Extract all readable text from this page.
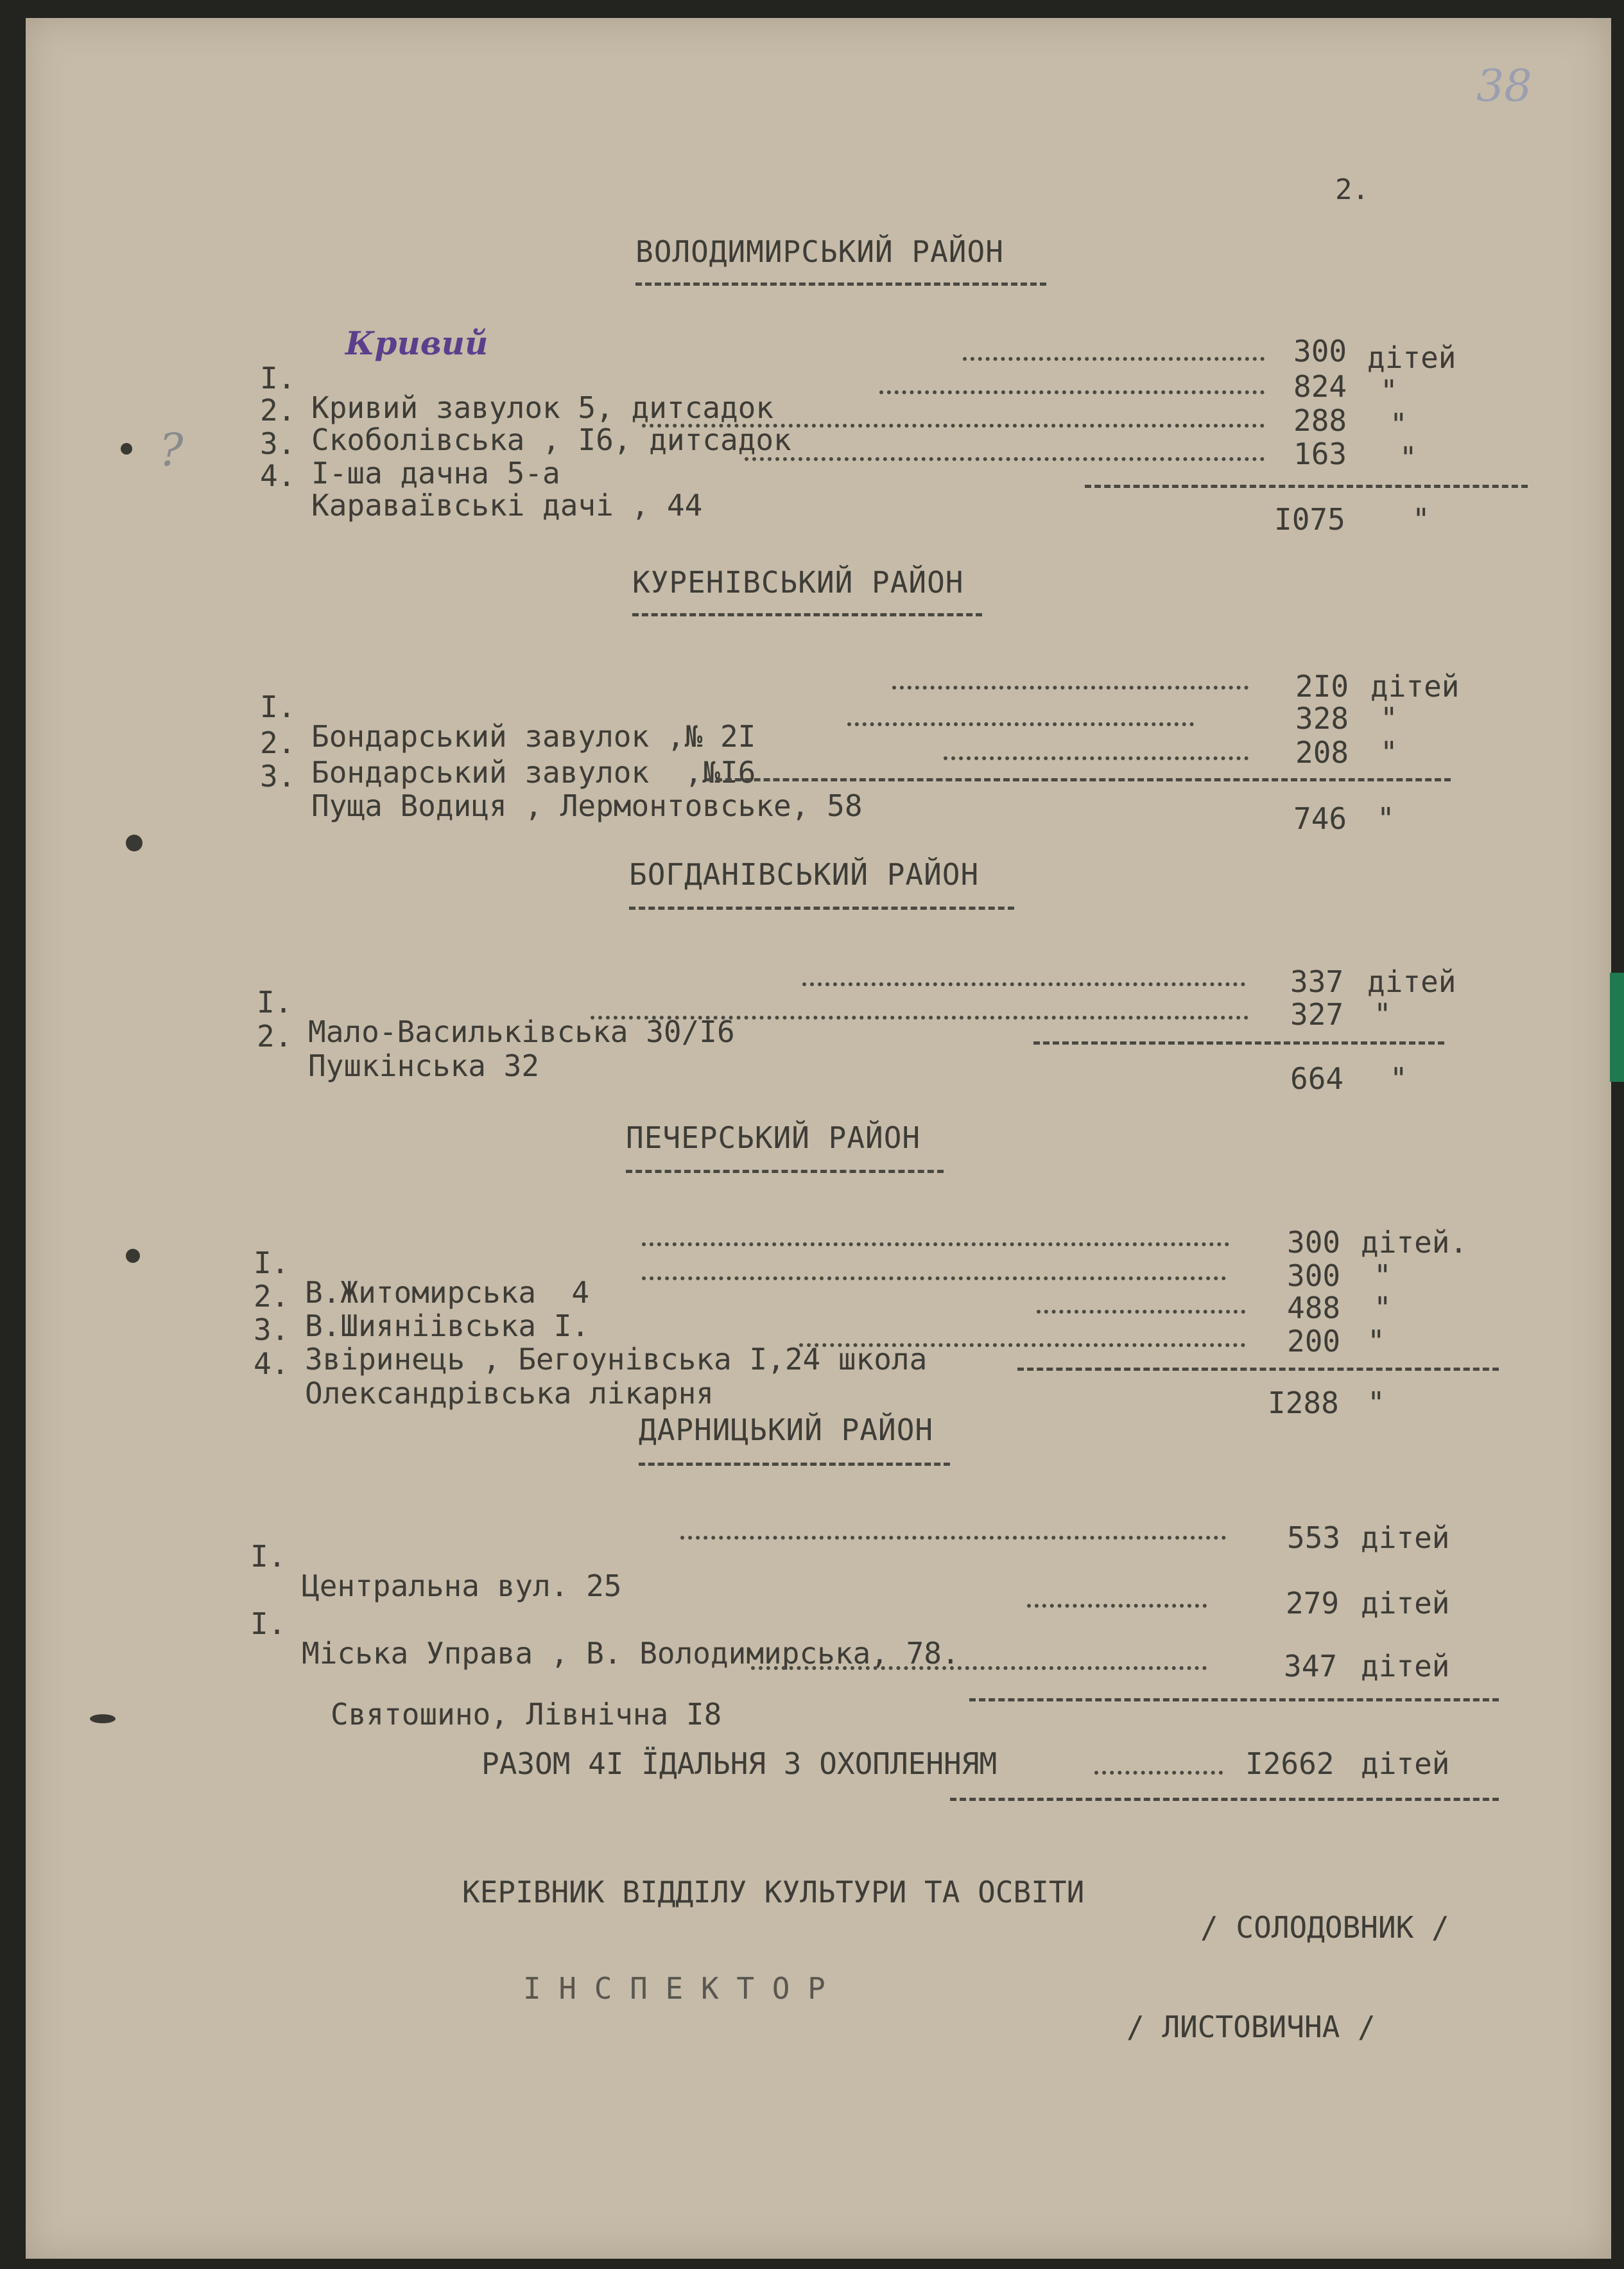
38
2.
?
ВОЛОДИМИРСЬКИЙ РАЙОН

І.

Кривий завулок 5, дитсадок

300 дітей
Кривий

2.

Скоболівська , І6, дитсадок

824 "

3.

І-ша дачна 5-а

288 "

4.

Караваївські дачі , 44

163 "
І075 "
КУРЕНІВСЬКИЙ РАЙОН

І.

Бондарський завулок ,№ 2І

2І0 дітей

2.

Бондарський завулок  ,№І6

328 "

3.

Пуща Водиця , Лермонтовське, 58

208 "
746 "
БОГДАНІВСЬКИЙ РАЙОН

І.

Мало-Васильківська 30/І6

337 дітей

2.

Пушкінська 32

327 "
664 "
ПЕЧЕРСЬКИЙ РАЙОН

І.

В.Житомирська  4

300 дітей.

2.

В.Шияніівська І.

300 "

3.

Звіринець , Бегоунівська І,24 школа

488 "

4.

Олександрівська лікарня

200 "
І288 "
ДАРНИЦЬКИЙ РАЙОН

І.

Центральна вул. 25

553 дітей

І.

Міська Управа , В. Володимирська, 78.

279 дітей

Святошино, Лівнічна І8

347 дітей
РАЗОМ 4І ЇДАЛЬНЯ З ОХОПЛЕННЯМ	І2662 дітей
КЕРІВНИК ВІДДІЛУ КУЛЬТУРИ ТА ОСВІТИ
/ СОЛОДОВНИК /
І Н С П Е К Т О Р
/ ЛИСТОВИЧНА /
